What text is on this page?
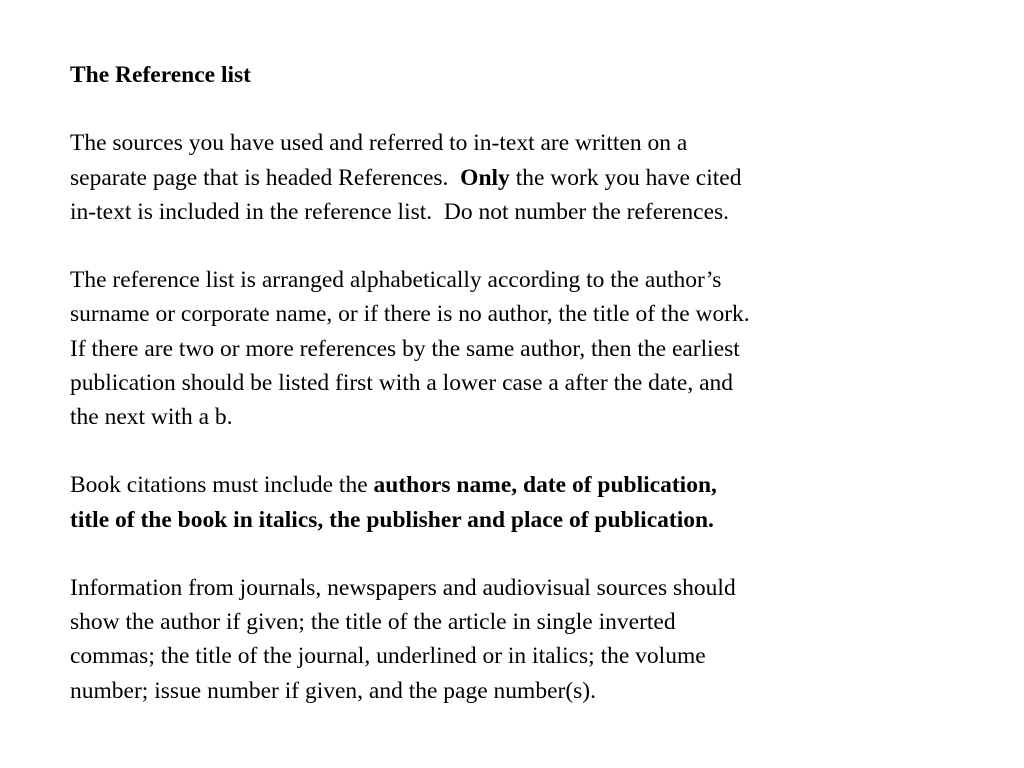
The Reference list

The sources you have used and referred to in-text are written on a
separate page that is headed References.  Only the work you have cited
in-text is included in the reference list.  Do not number the references.
The reference list is arranged alphabetically according to the author’s
surname or corporate name, or if there is no author, the title of the work.
If there are two or more references by the same author, then the earliest
publication should be listed first with a lower case a after the date, and
the next with a b.
Book citations must include the authors name, date of publication,
title of the book in italics, the publisher and place of publication.
Information from journals, newspapers and audiovisual sources should
show the author if given; the title of the article in single inverted
commas; the title of the journal, underlined or in italics; the volume
number; issue number if given, and the page number(s).
